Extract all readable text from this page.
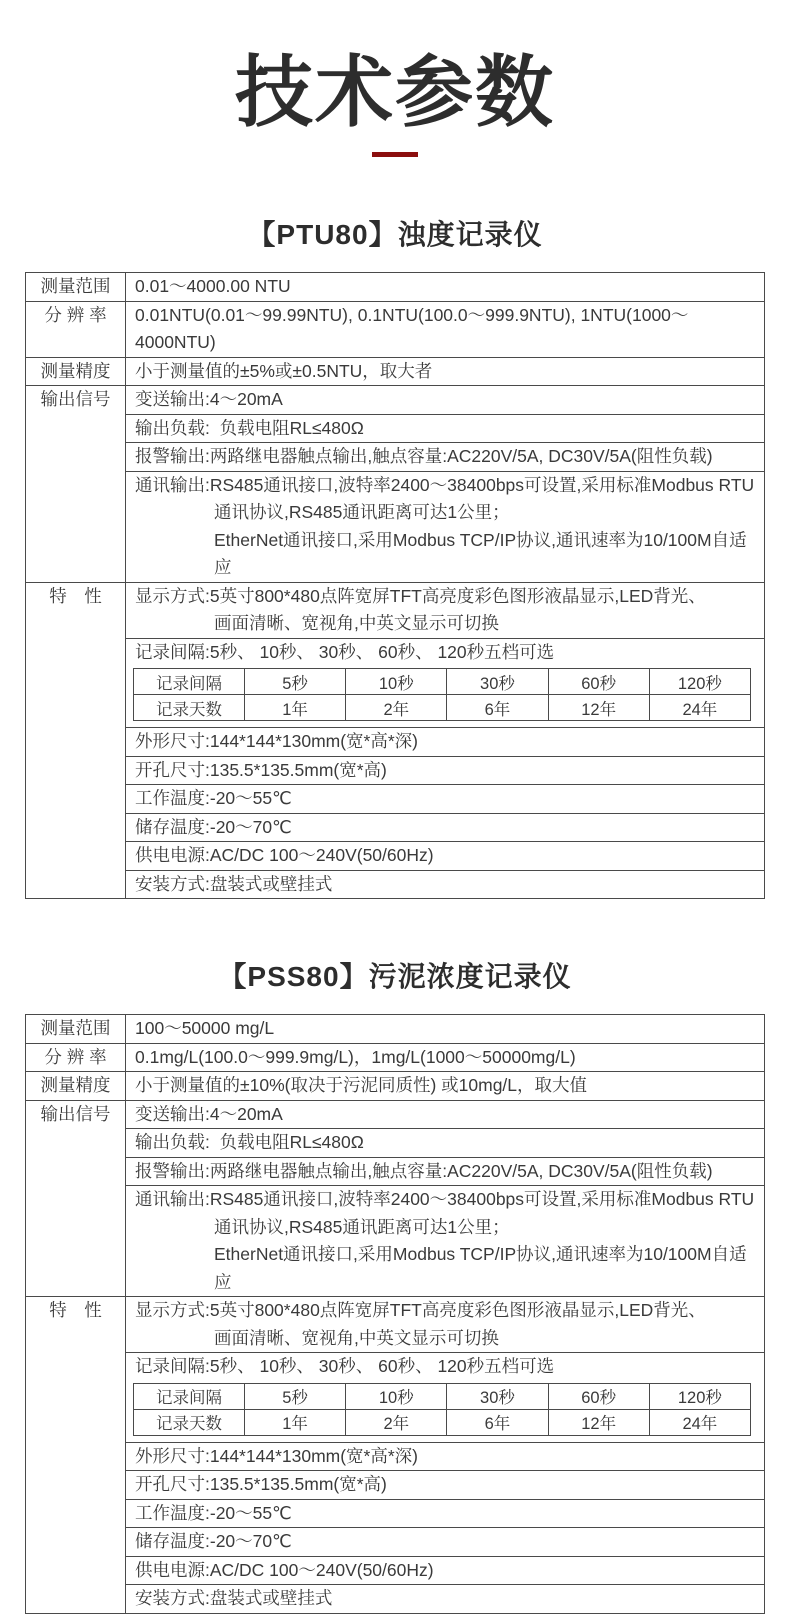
技术参数
【PTU80】浊度记录仪
测量范围	0.01～4000.00 NTU
分 辨 率	0.01NTU(0.01～99.99NTU), 0.1NTU(100.0～999.9NTU), 1NTU(1000～4000NTU)
测量精度	小于测量值的±5%或±0.5NTU，取大者
输出信号	变送输出:4～20mA
输出负载:  负载电阻RL≤480Ω
报警输出:两路继电器触点输出,触点容量:AC220V/5A, DC30V/5A(阻性负载)
通讯输出:RS485通讯接口,波特率2400～38400bps可设置,采用标准Modbus RTU
通讯协议,RS485通讯距离可达1公里；
EtherNet通讯接口,采用Modbus TCP/IP协议,通讯速率为10/100M自适应
特　性	显示方式:5英寸800*480点阵宽屏TFT高亮度彩色图形液晶显示,LED背光、
画面清晰、宽视角,中英文显示可切换
记录间隔:5秒、 10秒、 30秒、 60秒、 120秒五档可选
记录间隔	5秒	10秒	30秒	60秒	120秒
记录天数	1年	2年	6年	12年	24年
外形尺寸:144*144*130mm(宽*高*深)
开孔尺寸:135.5*135.5mm(宽*高)
工作温度:-20～55℃
储存温度:-20～70℃
供电电源:AC/DC 100～240V(50/60Hz)
安装方式:盘装式或壁挂式
【PSS80】污泥浓度记录仪
测量范围	100～50000 mg/L
分 辨 率	0.1mg/L(100.0～999.9mg/L)，1mg/L(1000～50000mg/L)
测量精度	小于测量值的±10%(取决于污泥同质性) 或10mg/L，取大值
输出信号	变送输出:4～20mA
输出负载:  负载电阻RL≤480Ω
报警输出:两路继电器触点输出,触点容量:AC220V/5A, DC30V/5A(阻性负载)
通讯输出:RS485通讯接口,波特率2400～38400bps可设置,采用标准Modbus RTU
通讯协议,RS485通讯距离可达1公里；
EtherNet通讯接口,采用Modbus TCP/IP协议,通讯速率为10/100M自适应
特　性	显示方式:5英寸800*480点阵宽屏TFT高亮度彩色图形液晶显示,LED背光、
画面清晰、宽视角,中英文显示可切换
记录间隔:5秒、 10秒、 30秒、 60秒、 120秒五档可选
记录间隔	5秒	10秒	30秒	60秒	120秒
记录天数	1年	2年	6年	12年	24年
外形尺寸:144*144*130mm(宽*高*深)
开孔尺寸:135.5*135.5mm(宽*高)
工作温度:-20～55℃
储存温度:-20～70℃
供电电源:AC/DC 100～240V(50/60Hz)
安装方式:盘装式或壁挂式
